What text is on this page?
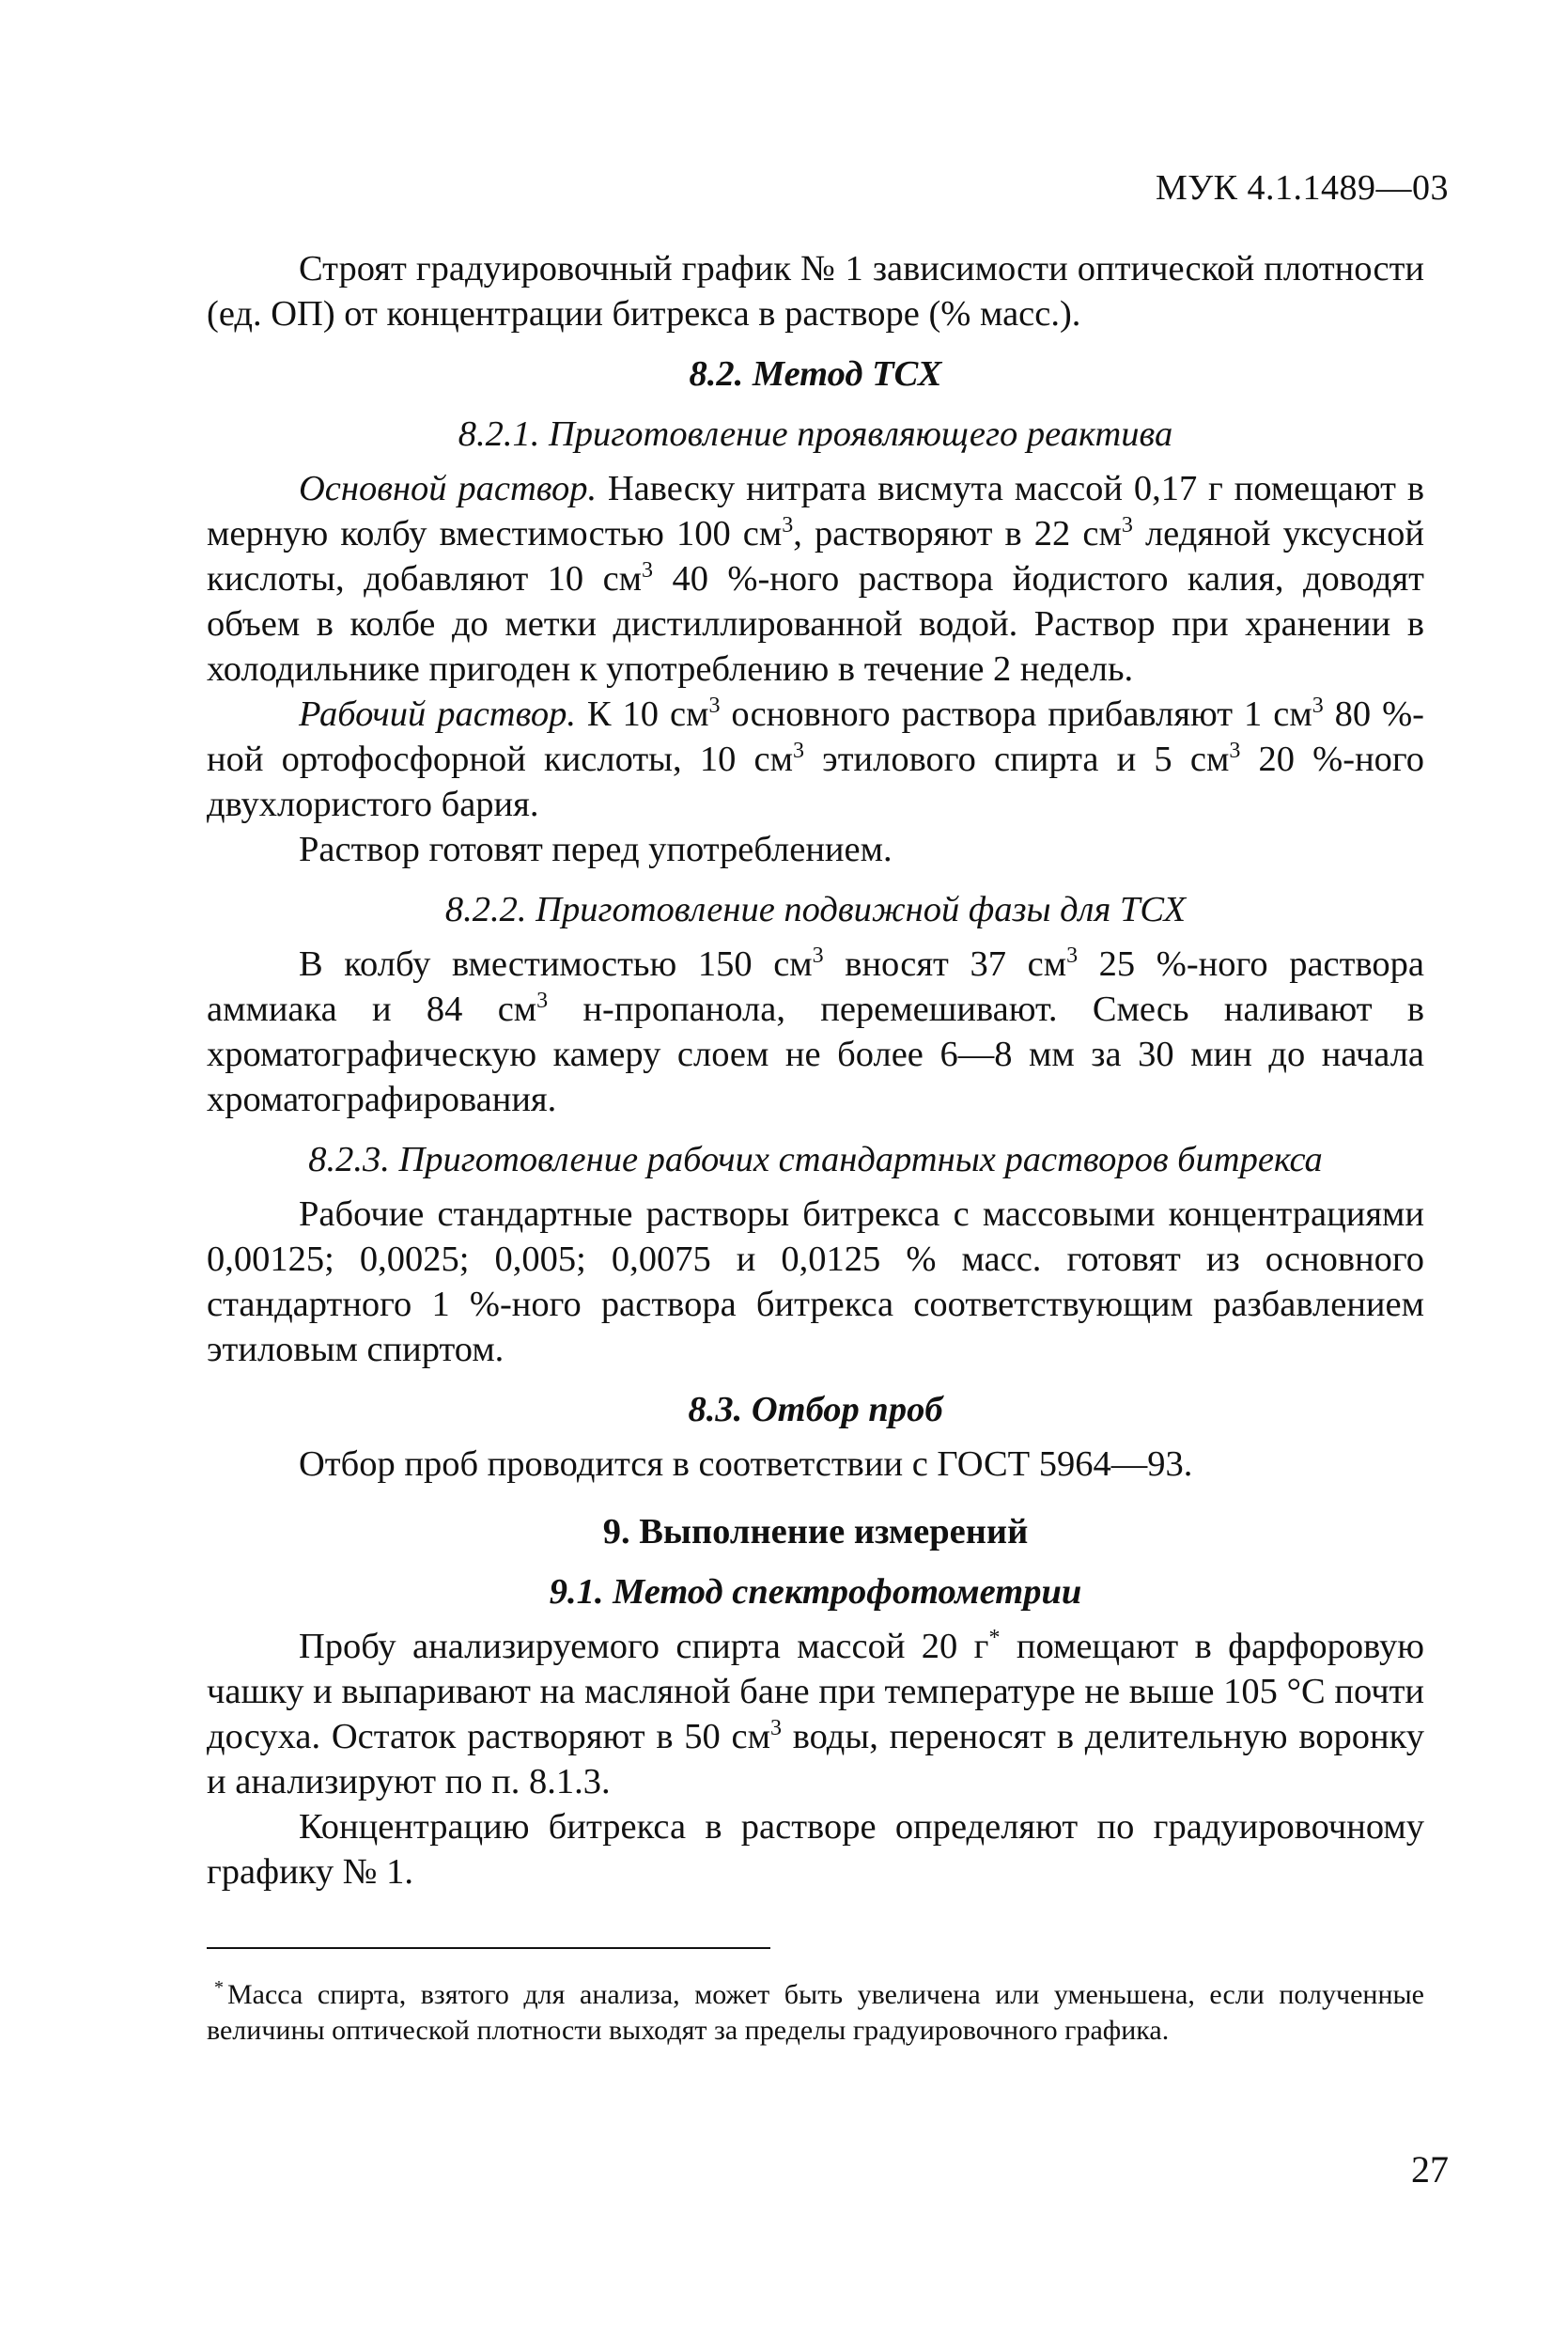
МУК 4.1.1489—03

Строят градуировочный график № 1 зависимости оптической плотности (ед. ОП) от концентрации битрекса в растворе (% масс.).

8.2. Метод ТСХ
8.2.1. Приготовление проявляющего реактива

Основной раствор. Навеску нитрата висмута массой 0,17 г помещают в мерную колбу вместимостью 100 $см^3$, растворяют в 22 $см^3$ ледяной уксусной кислоты, добавляют 10 $см^3$ 40 %-ного раствора йодистого калия, доводят объем в колбе до метки дистиллированной водой. Раствор при хранении в холодильнике пригоден к употреблению в течение 2 недель.

Рабочий раствор. К 10 $см^3$ основного раствора прибавляют 1 $см^3$ 80 %-ной ортофосфорной кислоты, 10 $см^3$ этилового спирта и 5 $см^3$ 20 %-ного двухлористого бария.

Раствор готовят перед употреблением.

8.2.2. Приготовление подвижной фазы для ТСХ

В колбу вместимостью 150 $см^3$ вносят 37 $см^3$ 25 %-ного раствора аммиака и 84 $см^3$ н-пропанола, перемешивают. Смесь наливают в хроматографическую камеру слоем не более 6—8 мм за 30 мин до начала хроматографирования.

8.2.3. Приготовление рабочих стандартных растворов битрекса

Рабочие стандартные растворы битрекса с массовыми концентрациями 0,00125; 0,0025; 0,005; 0,0075 и 0,0125 % масс. готовят из основного стандартного 1 %-ного раствора битрекса соответствующим разбавлением этиловым спиртом.

8.3. Отбор проб

Отбор проб проводится в соответствии с ГОСТ 5964—93.

9. Выполнение измерений
9.1. Метод спектрофотометрии

Пробу анализируемого спирта массой 20 г* помещают в фарфоровую чашку и выпаривают на масляной бане при температуре не выше 105 °С почти досуха. Остаток растворяют в 50 $см^3$ воды, переносят в делительную воронку и анализируют по п. 8.1.3.

Концентрацию битрекса в растворе определяют по градуировочному графику № 1.

* Масса спирта, взятого для анализа, может быть увеличена или уменьшена, если полученные величины оптической плотности выходят за пределы градуировочного графика.
27
